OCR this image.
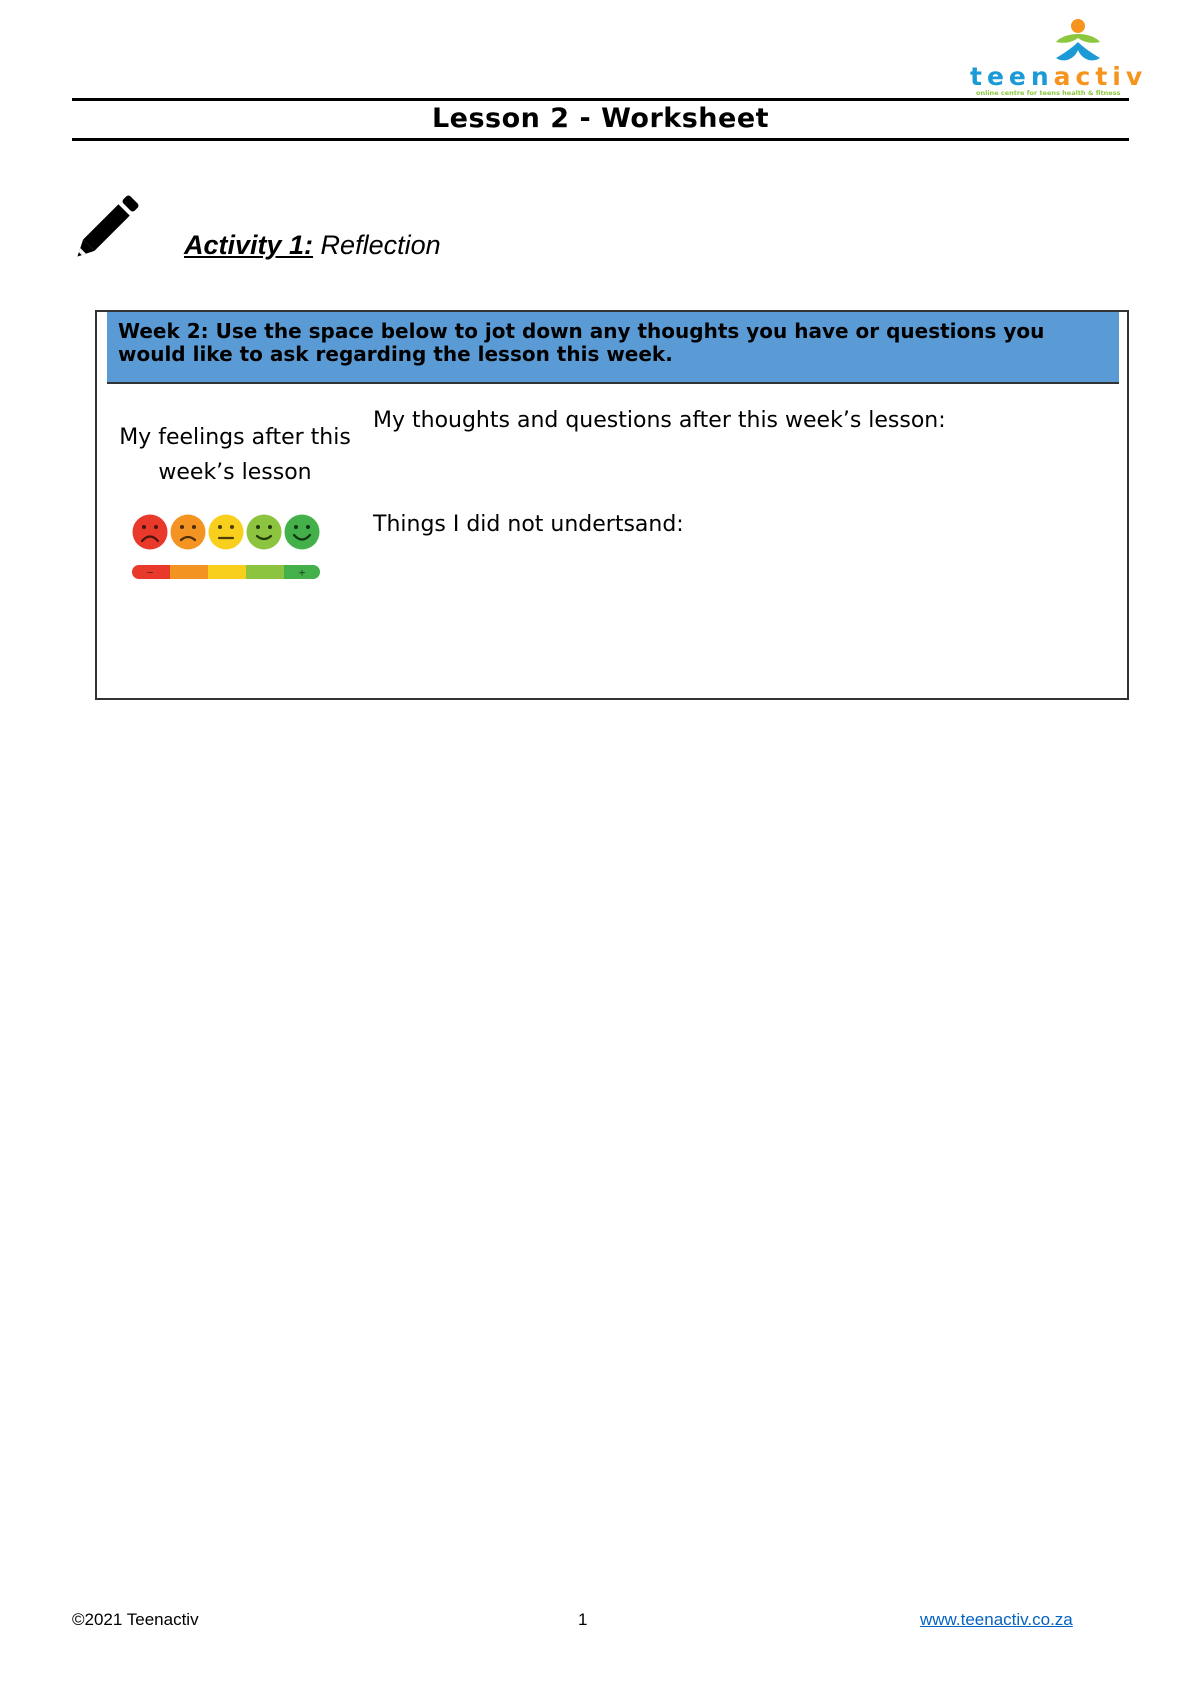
teenactiv
online centre for teens health & fitness
Lesson 2 - Worksheet
Activity 1: Reflection
Week 2: Use the space below to jot down any thoughts you have or questions you would like to ask regarding the lesson this week.
My feelings after this week’s lesson
−	+
My thoughts and questions after this week’s lesson:
Things I did not undertsand:
©2021 Teenactiv	1	www.teenactiv.co.za
